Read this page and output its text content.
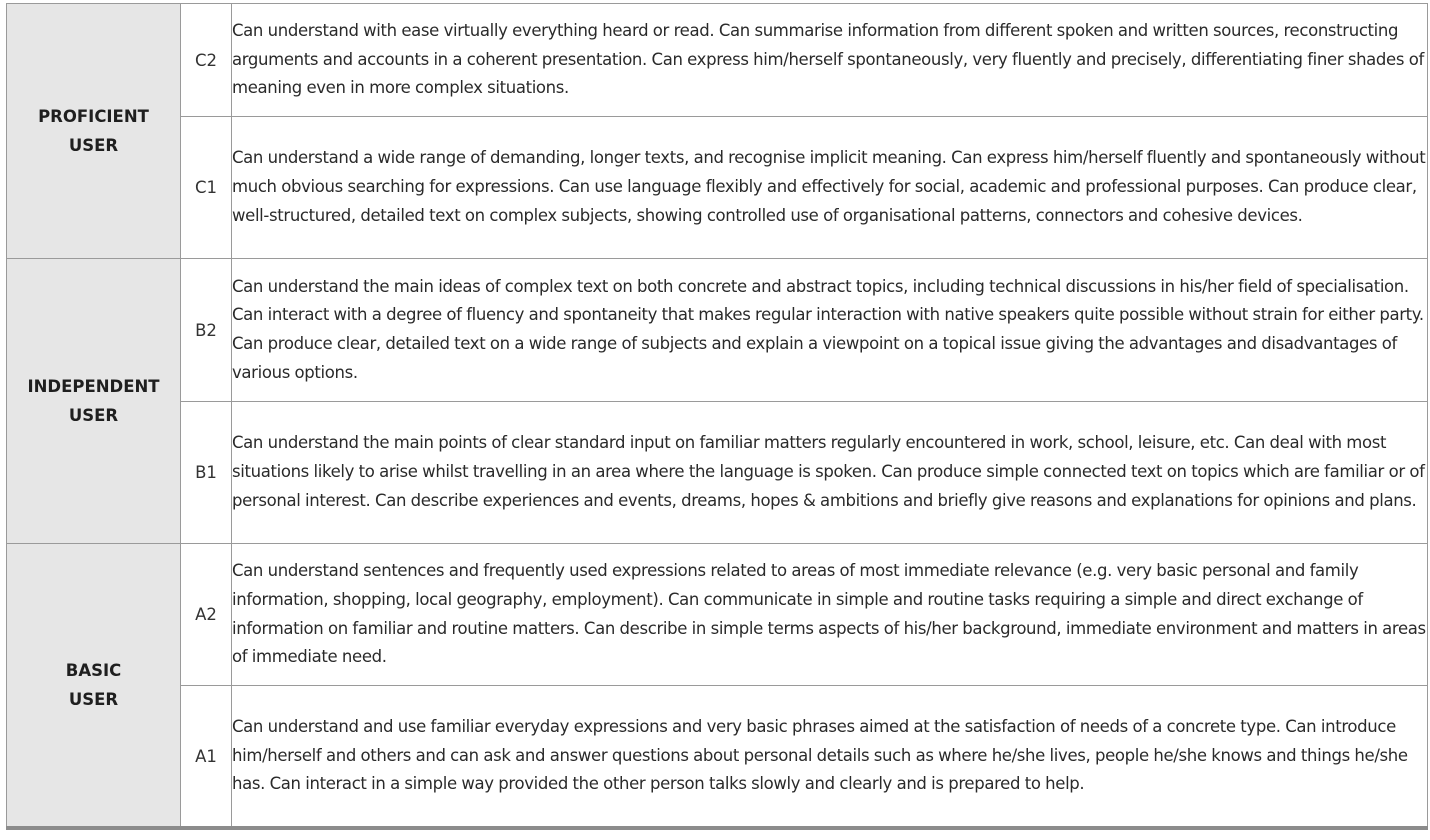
PROFICIENT
USER	C2	Can understand with ease virtually everything heard or read. Can summarise information from different spoken and written sources, reconstructing arguments and accounts in a coherent presentation. Can express him/herself spontaneously, very fluently and precisely, differentiating finer shades of meaning even in more complex situations.
	C1	Can understand a wide range of demanding, longer texts, and recognise implicit meaning. Can express him/herself fluently and spontaneously without much obvious searching for expressions. Can use language flexibly and effectively for social, academic and professional purposes. Can produce clear, well-structured, detailed text on complex subjects, showing controlled use of organisational patterns, connectors and cohesive devices.

INDEPENDENT
USER	B2	Can understand the main ideas of complex text on both concrete and abstract topics, including technical discussions in his/her field of specialisation. Can interact with a degree of fluency and spontaneity that makes regular interaction with native speakers quite possible without strain for either party. Can produce clear, detailed text on a wide range of subjects and explain a viewpoint on a topical issue giving the advantages and disadvantages of various options.
	B1	Can understand the main points of clear standard input on familiar matters regularly encountered in work, school, leisure, etc. Can deal with most situations likely to arise whilst travelling in an area where the language is spoken. Can produce simple connected text on topics which are familiar or of personal interest. Can describe experiences and events, dreams, hopes & ambitions and briefly give reasons and explanations for opinions and plans.

BASIC
USER	A2	Can understand sentences and frequently used expressions related to areas of most immediate relevance (e.g. very basic personal and family information, shopping, local geography, employment). Can communicate in simple and routine tasks requiring a simple and direct exchange of information on familiar and routine matters. Can describe in simple terms aspects of his/her background, immediate environment and matters in areas of immediate need.
	A1	Can understand and use familiar everyday expressions and very basic phrases aimed at the satisfaction of needs of a concrete type. Can introduce him/herself and others and can ask and answer questions about personal details such as where he/she lives, people he/she knows and things he/she has. Can interact in a simple way provided the other person talks slowly and clearly and is prepared to help.
